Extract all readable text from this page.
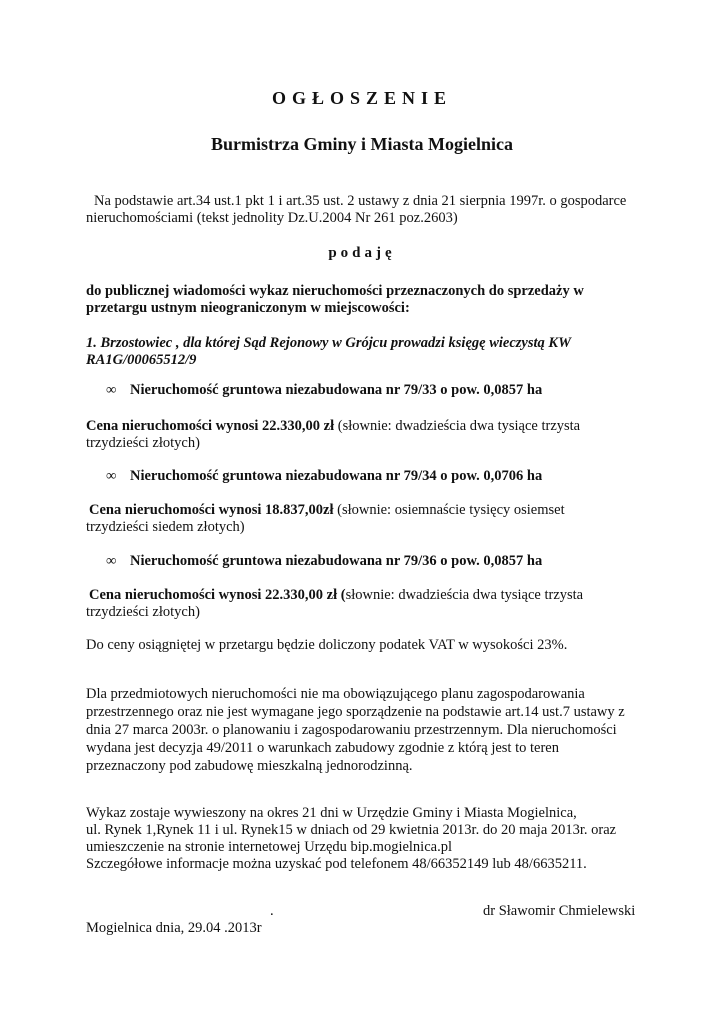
OGŁOSZENIE

Burmistrza Gminy i Miasta Mogielnica

Na podstawie art.34 ust.1 pkt 1 i art.35 ust. 2 ustawy z dnia 21 sierpnia 1997r. o gospodarce

nieruchomościami (tekst jednolity Dz.U.2004 Nr 261 poz.2603)

podaję

do publicznej wiadomości wykaz nieruchomości przeznaczonych do sprzedaży w

przetargu ustnym nieograniczonym w miejscowości:

1. Brzostowiec , dla której Sąd Rejonowy w Grójcu prowadzi księgę wieczystą KW

RA1G/00065512/9

∞ Nieruchomość gruntowa niezabudowana nr 79/33 o pow. 0,0857 ha

Cena nieruchomości wynosi 22.330,00 zł (słownie: dwadzieścia dwa tysiące trzysta

trzydzieści złotych)

∞ Nieruchomość gruntowa niezabudowana nr 79/34 o pow. 0,0706 ha

Cena nieruchomości wynosi 18.837,00zł (słownie: osiemnaście tysięcy osiemset

trzydzieści siedem złotych)

∞ Nieruchomość gruntowa niezabudowana nr 79/36 o pow. 0,0857 ha

Cena nieruchomości wynosi 22.330,00 zł (słownie: dwadzieścia dwa tysiące trzysta

trzydzieści złotych)

Do ceny osiągniętej w przetargu będzie doliczony podatek VAT w wysokości 23%.

Dla przedmiotowych nieruchomości nie ma obowiązującego planu zagospodarowania

przestrzennego oraz nie jest wymagane jego sporządzenie na podstawie art.14 ust.7 ustawy z

dnia 27 marca 2003r. o planowaniu i zagospodarowaniu przestrzennym. Dla nieruchomości

wydana jest decyzja 49/2011 o warunkach zabudowy zgodnie z którą jest to teren

przeznaczony pod zabudowę mieszkalną jednorodzinną.

Wykaz zostaje wywieszony na okres 21 dni w Urzędzie Gminy i Miasta Mogielnica,

ul. Rynek 1,Rynek 11 i ul. Rynek15 w dniach od 29 kwietnia 2013r. do 20 maja 2013r. oraz

umieszczenie na stronie internetowej Urzędu bip.mogielnica.pl

Szczegółowe informacje można uzyskać pod telefonem 48/66352149 lub 48/6635211.

.	dr Sławomir Chmielewski

Mogielnica dnia, 29.04 .2013r
